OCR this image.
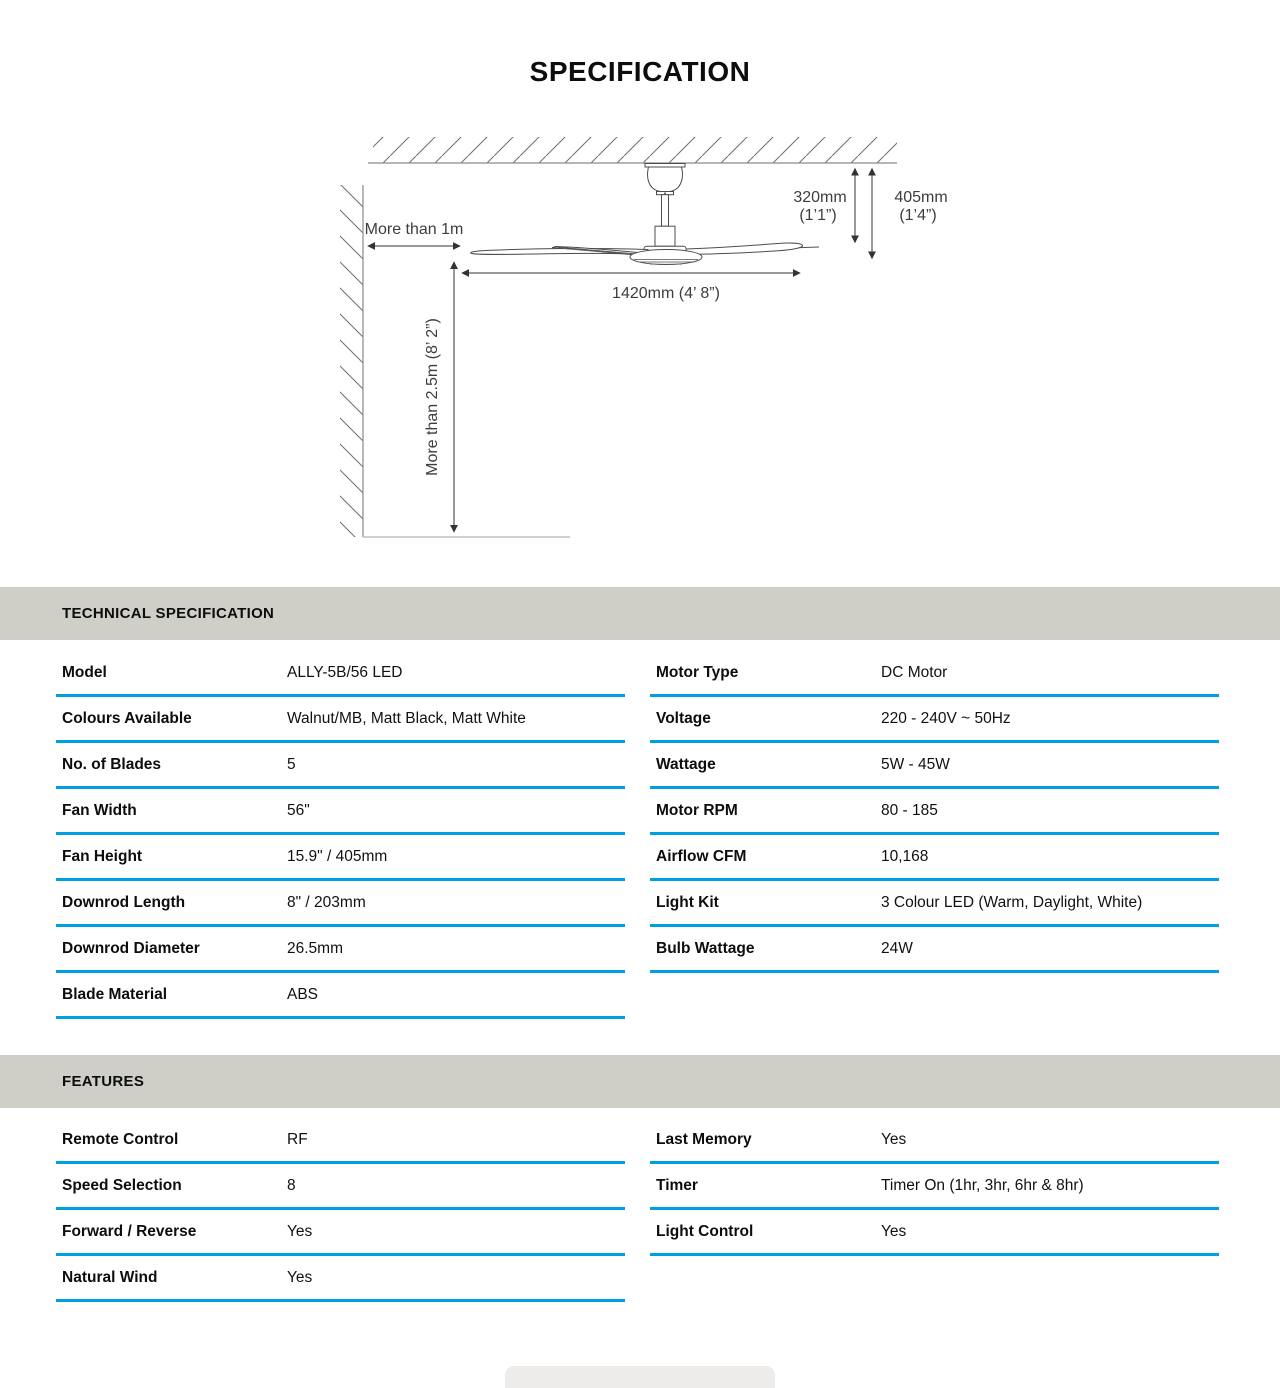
SPECIFICATION
320mm
(1’1”)
405mm
(1’4”)
More than 1m
1420mm (4’ 8”)
More than 2.5m (8’ 2”)
TECHNICAL SPECIFICATION
Model	ALLY-5B/56 LED
Colours Available	Walnut/MB, Matt Black, Matt White
No. of Blades	5
Fan Width	56"
Fan Height	15.9" / 405mm
Downrod Length	8" / 203mm
Downrod Diameter	26.5mm
Blade Material	ABS
Motor Type	DC Motor
Voltage	220 - 240V ~ 50Hz
Wattage	5W - 45W
Motor RPM	80 - 185
Airflow CFM	10,168
Light Kit	3 Colour LED (Warm, Daylight, White)
Bulb Wattage	24W
FEATURES
Remote Control	RF
Speed Selection	8
Forward / Reverse	Yes
Natural Wind	Yes
Last Memory	Yes
Timer	Timer On (1hr, 3hr, 6hr & 8hr)
Light Control	Yes
